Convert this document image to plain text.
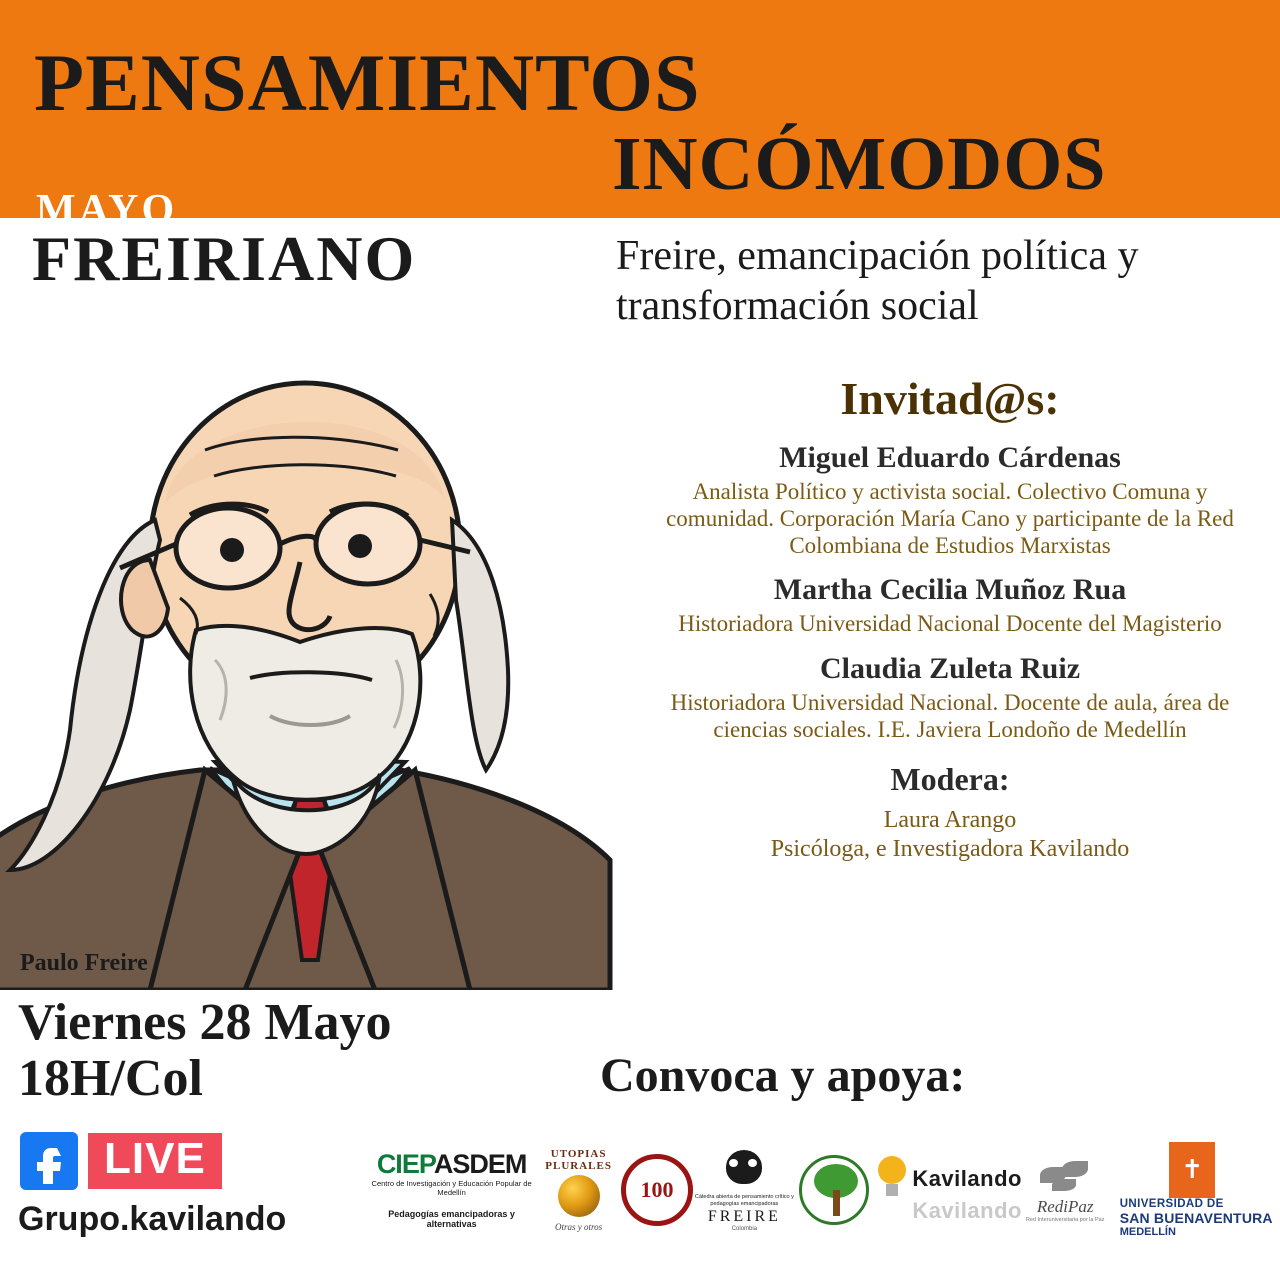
PENSAMIENTOS
INCÓMODOS
MAYO
FREIRIANO	Freire, emancipación política y transformación social
Paulo Freire
Invitad@s:
Miguel Eduardo Cárdenas
Analista Político y activista social. Colectivo Comuna y comunidad. Corporación María Cano y participante de la Red Colombiana de Estudios Marxistas
Martha Cecilia Muñoz Rua
Historiadora Universidad Nacional Docente del Magisterio
Claudia Zuleta Ruiz
Historiadora Universidad Nacional. Docente de aula, área de ciencias sociales. I.E. Javiera Londoño de Medellín
Modera:
Laura Arango
Psicóloga, e Investigadora Kavilando
Viernes 28 Mayo
18H/Col
LIVE
Grupo.kavilando
Convoca y apoya:
CIEPASDEM
Centro de Investigación y Educación Popular de Medellín
Pedagogías emancipadoras y alternativas
UTOPIAS PLURALES
Otras y otros
100	Cátedra abierta de pensamiento crítico y pedagogías emancipadoras
FREIRE
Colombia
Kavilando
Kavilando RediPaz
Red Interuniversitaria por la Paz
✝
UNIVERSIDAD DE
SAN BUENAVENTURA
MEDELLÍN
